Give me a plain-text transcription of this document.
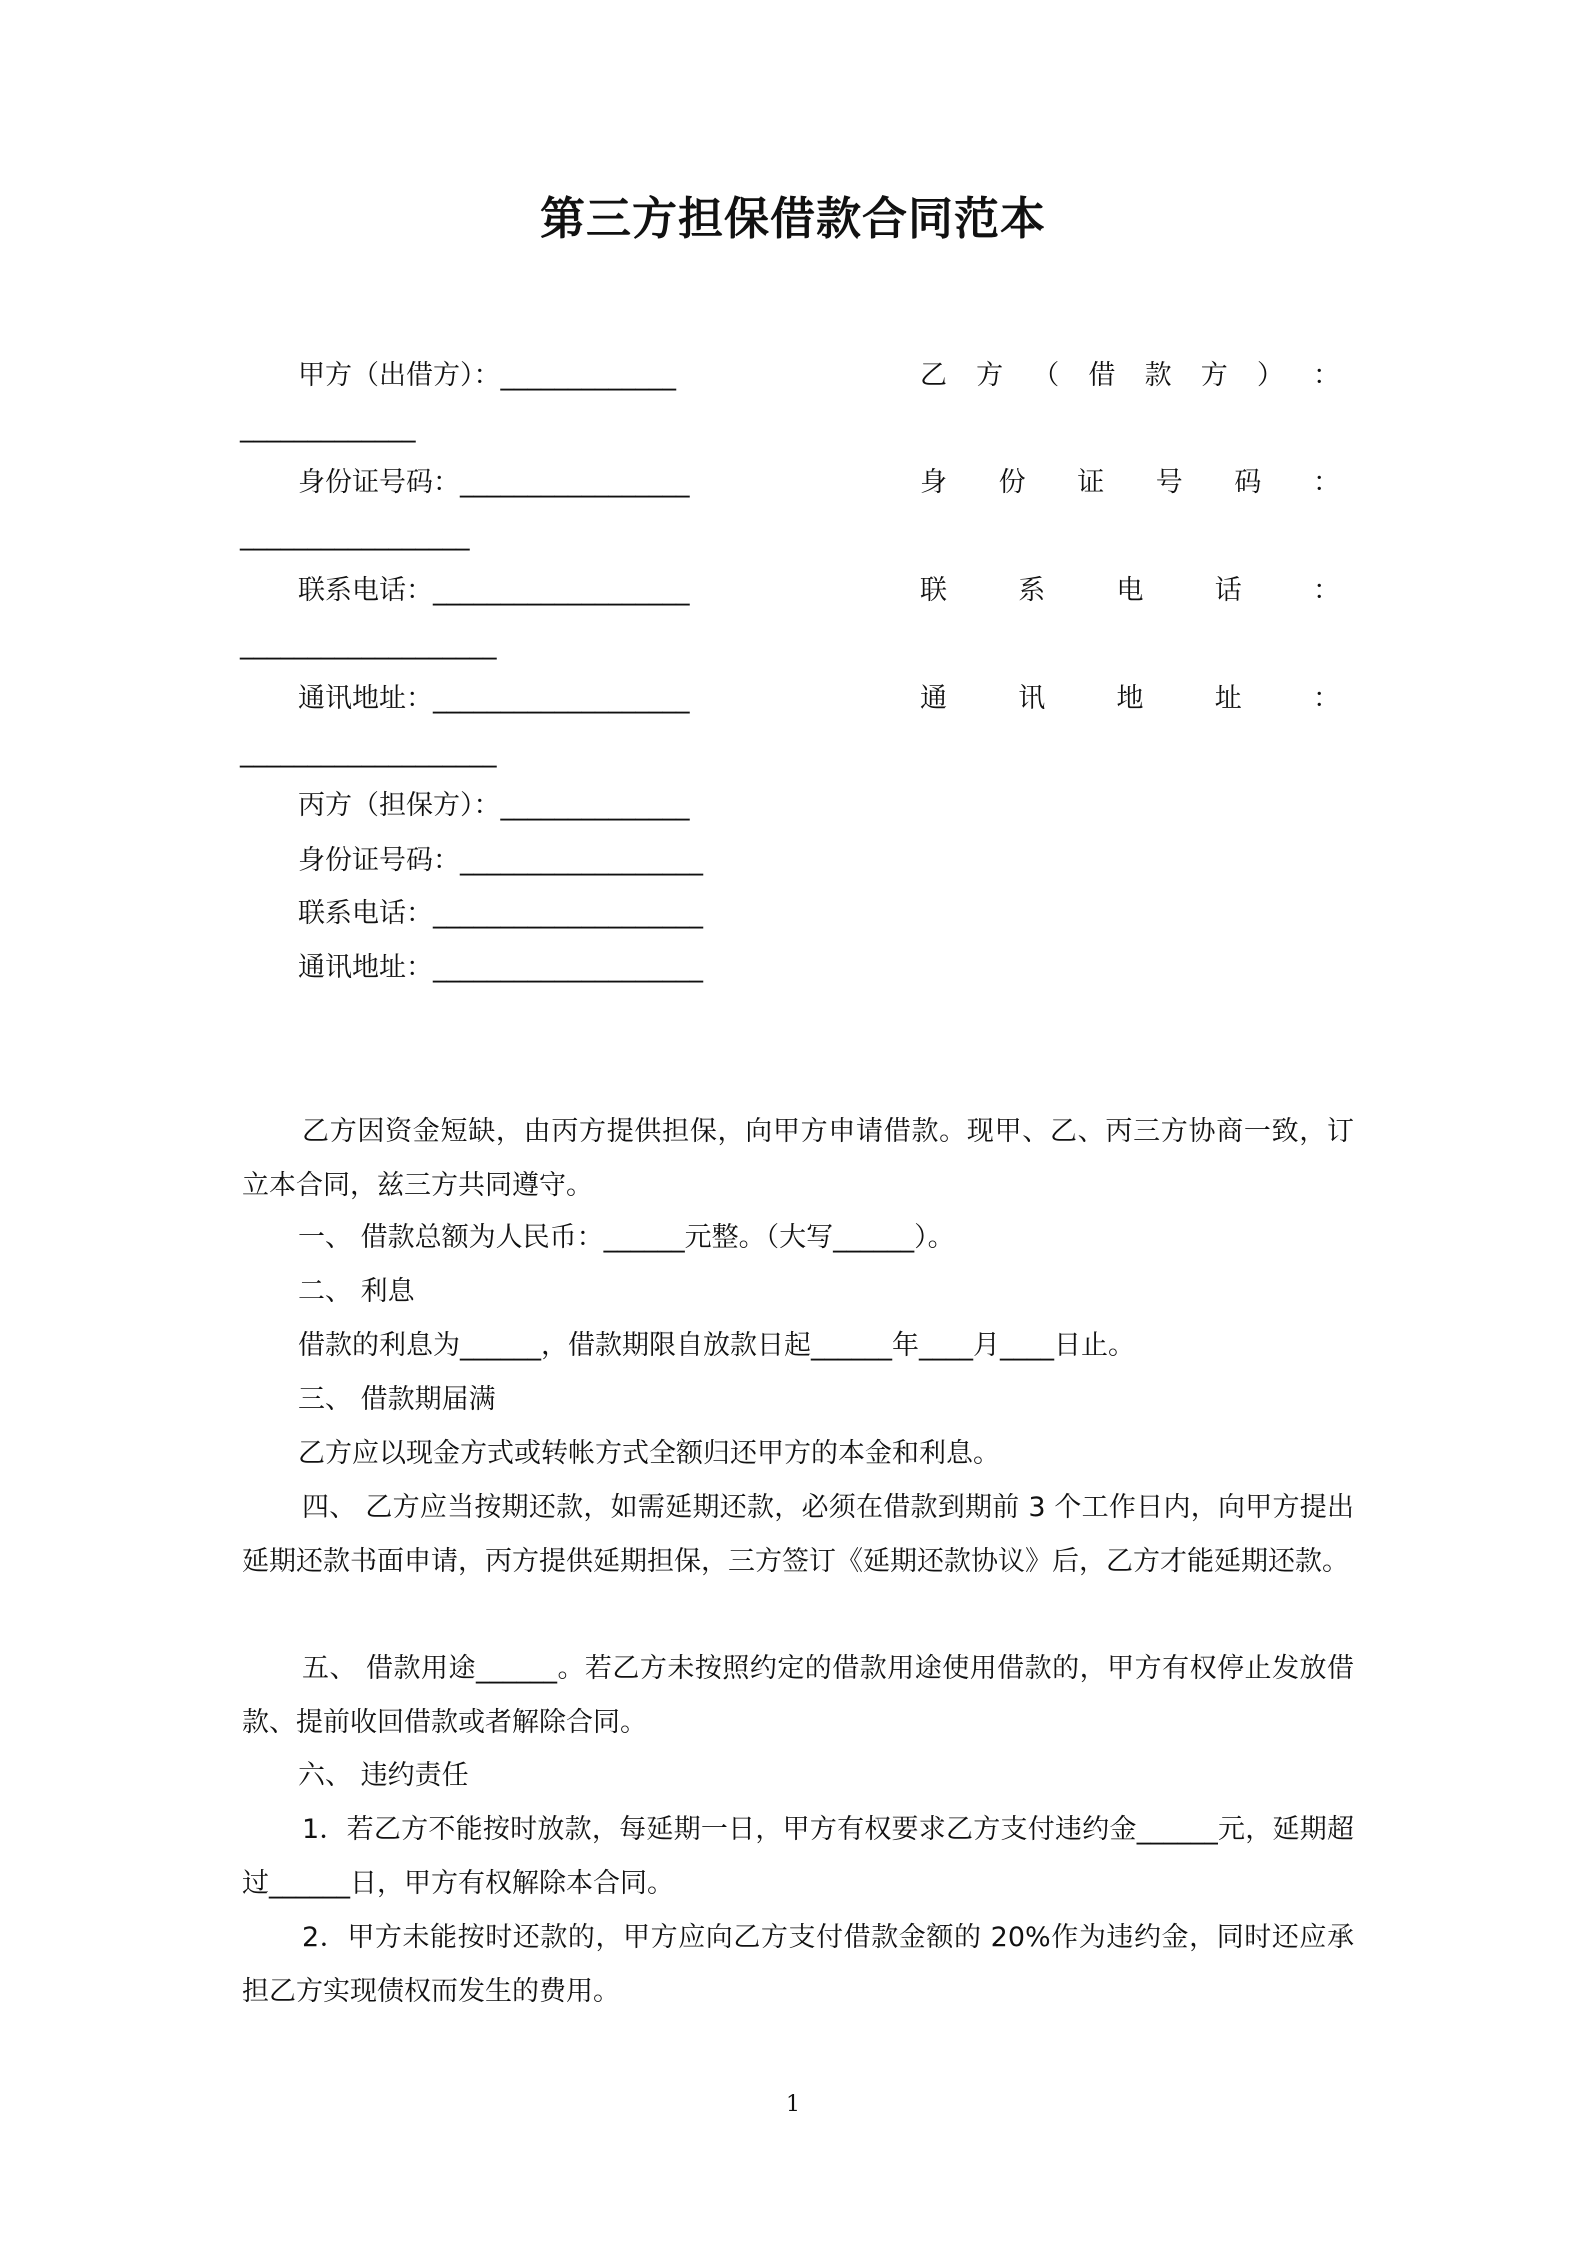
第三方担保借款合同范本
甲方（出借方）：_____________	乙 方 （ 借 款 方 ） ：
_____________
身份证号码：_________________	身 份 证 号 码 ：
_________________
联系电话：___________________	联	系	电	话	：
___________________
通讯地址：___________________	通	讯	地	址	：
___________________
丙方（担保方）：______________
身份证号码：__________________
联系电话：____________________
通讯地址：____________________

乙方因资金短缺，由丙方提供担保，向甲方申请借款。现甲、乙、丙三方协商一致，订立本合同，兹三方共同遵守。

一、 借款总额为人民币：______元整。（大写______）。
二、 利息
借款的利息为______，借款期限自放款日起______年____月____日止。
三、 借款期届满
乙方应以现金方式或转帐方式全额归还甲方的本金和利息。

四、 乙方应当按期还款，如需延期还款，必须在借款到期前 3 个工作日内，向甲方提出延期还款书面申请，丙方提供延期担保，三方签订《延期还款协议》后，乙方才能延期还款。

五、 借款用途______。若乙方未按照约定的借款用途使用借款的，甲方有权停止发放借款、提前收回借款或者解除合同。

六、 违约责任

1．若乙方不能按时放款，每延期一日，甲方有权要求乙方支付违约金______元，延期超过______日，甲方有权解除本合同。

2．甲方未能按时还款的，甲方应向乙方支付借款金额的 20%作为违约金，同时还应承担乙方实现债权而发生的费用。

1
